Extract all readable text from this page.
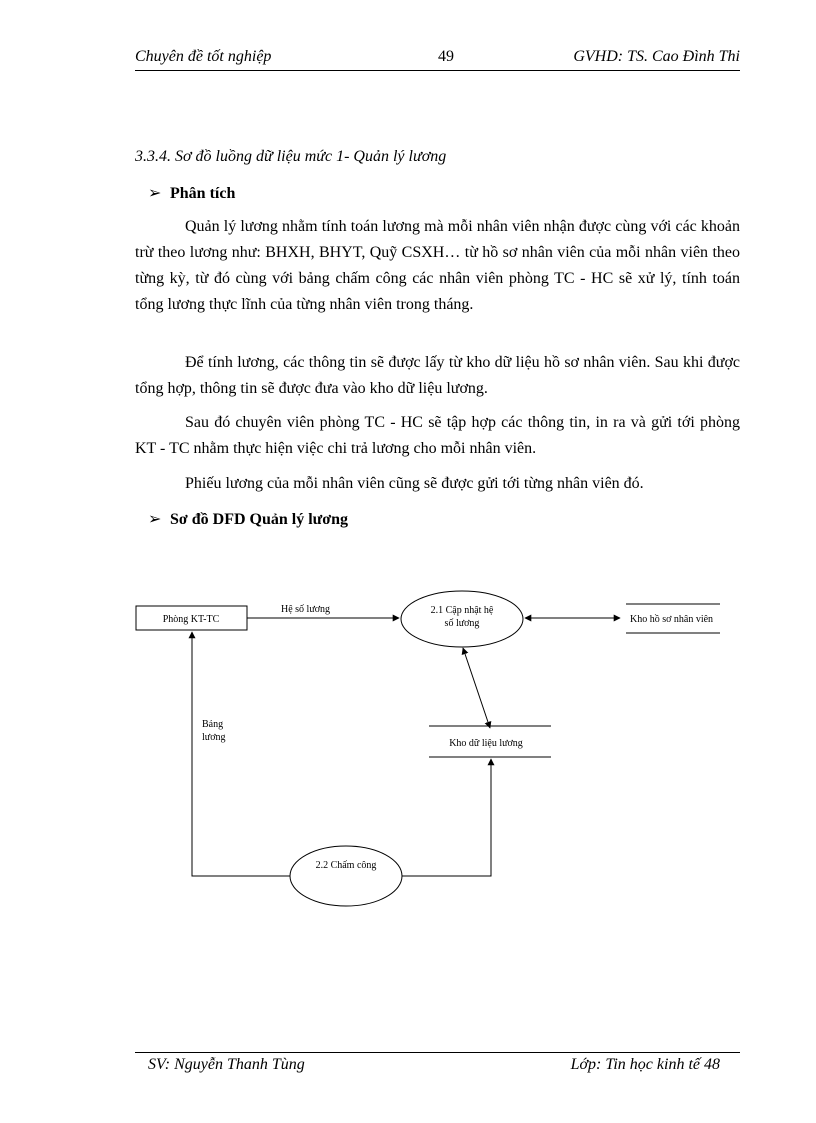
Chuyên đề tốt nghiệp	49	GVHD: TS. Cao Đình Thi
3.3.4. Sơ đồ luồng dữ liệu mức 1- Quản lý lương
➢ Phân tích
Quản lý lương nhằm tính toán lương mà mỗi nhân viên nhận được cùng với các khoản trừ theo lương như: BHXH, BHYT, Quỹ CSXH… từ hồ sơ nhân viên của mỗi nhân viên theo từng kỳ, từ đó cùng với bảng chấm công các nhân viên phòng TC - HC sẽ xử lý, tính toán tổng lương thực lĩnh của từng nhân viên trong tháng.
Để tính lương, các thông tin sẽ được lấy từ kho dữ liệu hồ sơ nhân viên. Sau khi được tổng hợp, thông tin sẽ được đưa vào kho dữ liệu lương.
Sau đó chuyên viên phòng TC - HC sẽ tập hợp các thông tin, in ra và gửi tới phòng KT - TC nhằm thực hiện việc chi trả lương cho mỗi nhân viên.
Phiếu lương của mỗi nhân viên cũng sẽ được gửi tới từng nhân viên đó.
➢ Sơ đồ DFD Quản lý lương
Phòng KT-TC
2.1 Cập nhật hệ
số lương	Kho hồ sơ nhân viên
Kho dữ liệu lương
2.2 Chấm công
Hệ số lương
Bảng
lương
SV: Nguyễn Thanh Tùng	Lớp: Tin học kinh tế 48
